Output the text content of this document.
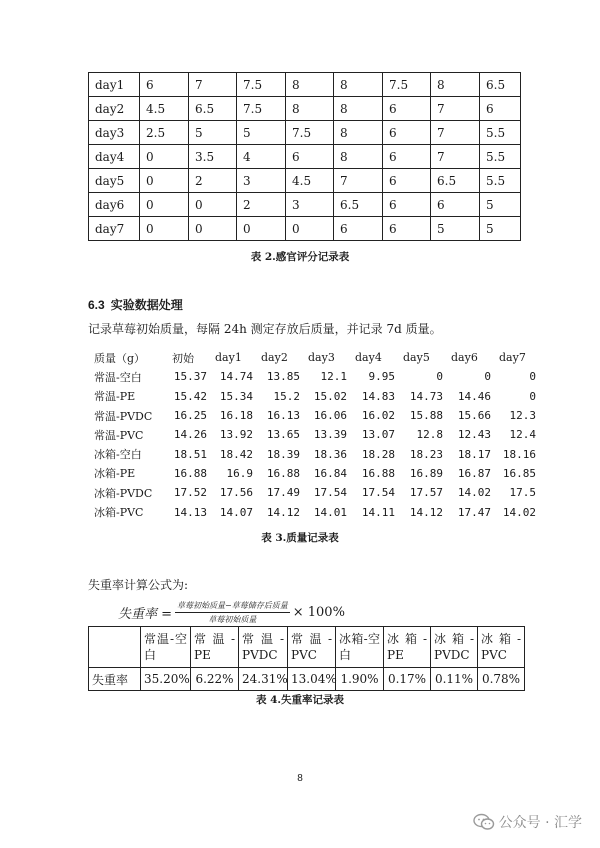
day1	6	7	7.5	8	8	7.5	8	6.5
day2	4.5	6.5	7.5	8	8	6	7	6
day3	2.5	5	5	7.5	8	6	7	5.5
day4	0	3.5	4	6	8	6	7	5.5
day5	0	2	3	4.5	7	6	6.5	5.5
day6	0	0	2	3	6.5	6	6	5
day7	0	0	0	0	6	6	5	5
表 2.感官评分记录表
6.3 实验数据处理
记录草莓初始质量，每隔 24h 测定存放后质量，并记录 7d 质量。
质量（g）	初始	day1	day2	day3	day4	day5	day6	day7
常温-空白	15.37	14.74	13.85	12.1	9.95	0	0	0
常温-PE	15.42	15.34	15.2	15.02	14.83	14.73	14.46	0
常温-PVDC	16.25	16.18	16.13	16.06	16.02	15.88	15.66	12.3
常温-PVC	14.26	13.92	13.65	13.39	13.07	12.8	12.43	12.4
冰箱-空白	18.51	18.42	18.39	18.36	18.28	18.23	18.17	18.16
冰箱-PE	16.88	16.9	16.88	16.84	16.88	16.89	16.87	16.85
冰箱-PVDC	17.52	17.56	17.49	17.54	17.54	17.57	14.02	17.5
冰箱-PVC	14.13	14.07	14.12	14.01	14.11	14.12	17.47	14.02
表 3.质量记录表
失重率计算公式为:
失重率 = $\frac{\text{草莓初始质量−草莓储存后质量}}{\text{草莓初始质量}} \times 100\%$
	常温-空白	常温-PE	常温-PVDC	常温-PVC	冰箱-空白	冰箱-PE	冰箱-PVDC	冰箱-PVC
失重率	35.20%	6.22%	24.31%	13.04%	1.90%	0.17%	0.11%	0.78%
表 4.失重率记录表
8
公众号 · 汇学
